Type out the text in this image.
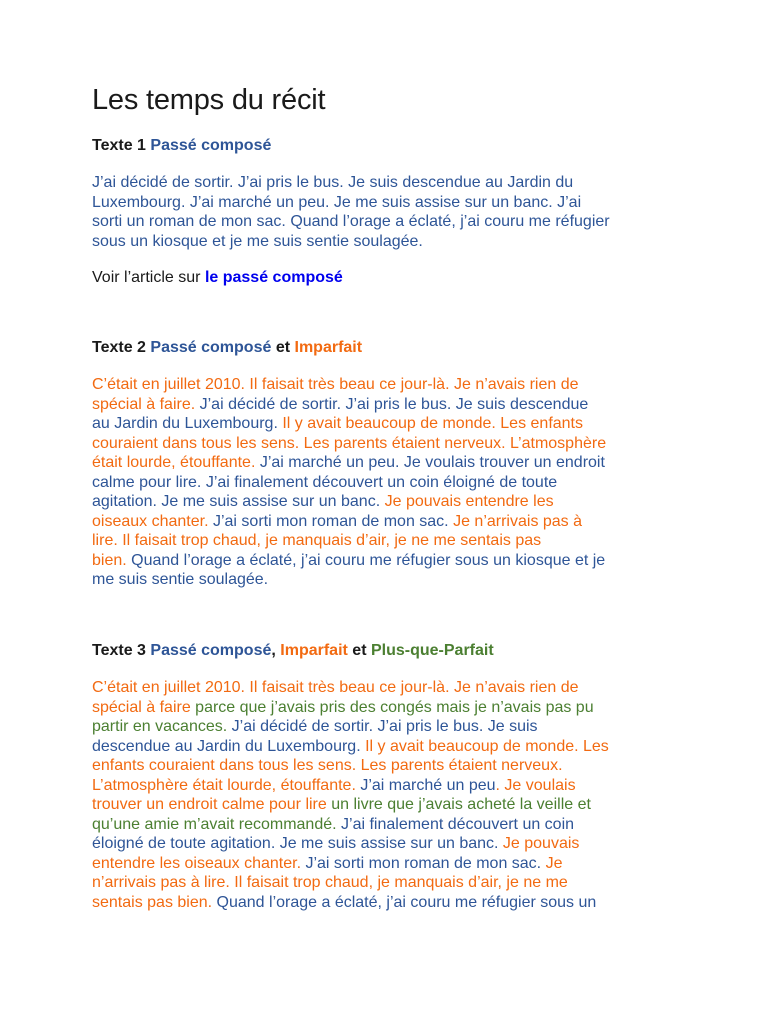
Les temps du récit
Texte 1 Passé composé
J’ai décidé de sortir. J’ai pris le bus. Je suis descendue au Jardin du
Luxembourg. J’ai marché un peu. Je me suis assise sur un banc. J’ai
sorti un roman de mon sac. Quand l’orage a éclaté, j’ai couru me réfugier
sous un kiosque et je me suis sentie soulagée.
Voir l’article sur le passé composé
Texte 2 Passé composé et Imparfait
C’était en juillet 2010. Il faisait très beau ce jour-là. Je n’avais rien de
spécial à faire. J’ai décidé de sortir. J’ai pris le bus. Je suis descendue
au Jardin du Luxembourg. Il y avait beaucoup de monde. Les enfants
couraient dans tous les sens. Les parents étaient nerveux. L’atmosphère
était lourde, étouffante. J’ai marché un peu. Je voulais trouver un endroit
calme pour lire. J’ai finalement découvert un coin éloigné de toute
agitation. Je me suis assise sur un banc. Je pouvais entendre les
oiseaux chanter. J’ai sorti mon roman de mon sac. Je n’arrivais pas à
lire. Il faisait trop chaud, je manquais d’air, je ne me sentais pas
bien. Quand l’orage a éclaté, j’ai couru me réfugier sous un kiosque et je
me suis sentie soulagée.
Texte 3 Passé composé, Imparfait et Plus-que-Parfait
C’était en juillet 2010. Il faisait très beau ce jour-là. Je n’avais rien de
spécial à faire parce que j’avais pris des congés mais je n’avais pas pu
partir en vacances. J’ai décidé de sortir. J’ai pris le bus. Je suis
descendue au Jardin du Luxembourg. Il y avait beaucoup de monde. Les
enfants couraient dans tous les sens. Les parents étaient nerveux.
L’atmosphère était lourde, étouffante. J’ai marché un peu. Je voulais
trouver un endroit calme pour lire un livre que j’avais acheté la veille et
qu’une amie m’avait recommandé. J’ai finalement découvert un coin
éloigné de toute agitation. Je me suis assise sur un banc. Je pouvais
entendre les oiseaux chanter. J’ai sorti mon roman de mon sac. Je
n’arrivais pas à lire. Il faisait trop chaud, je manquais d’air, je ne me
sentais pas bien. Quand l’orage a éclaté, j’ai couru me réfugier sous un
